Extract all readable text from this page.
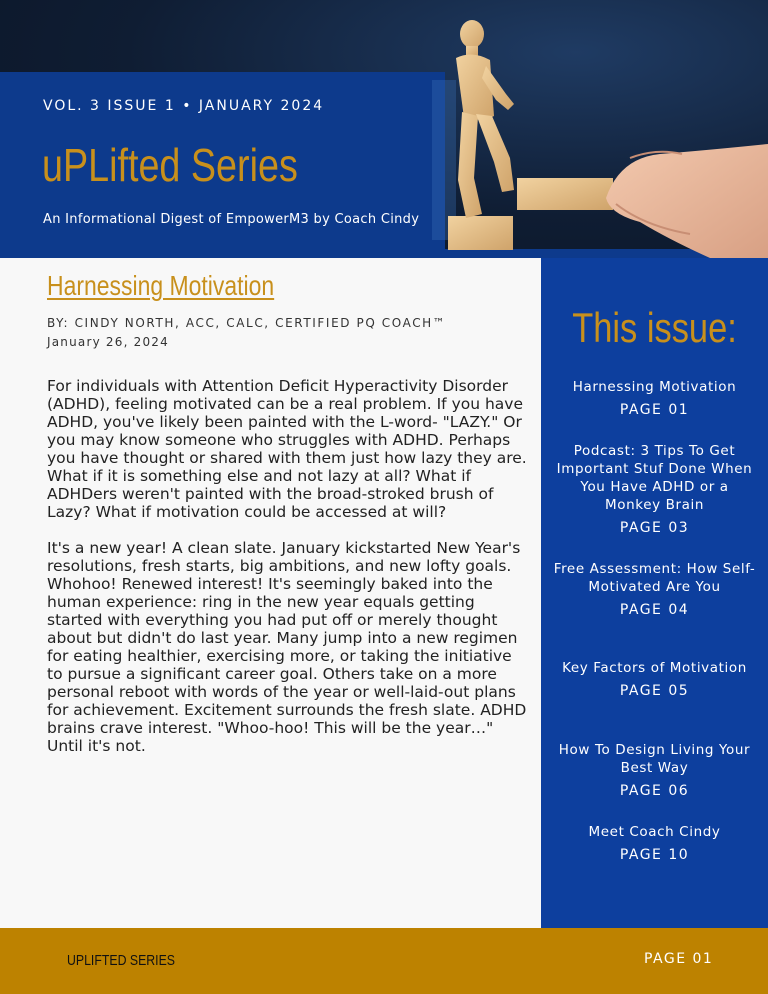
VOL. 3 ISSUE 1 • JANUARY 2024
uPLifted Series
An Informational Digest of EmpowerM3 by Coach Cindy
Harnessing Motivation
BY: CINDY NORTH, ACC, CALC, CERTIFIED PQ COACH™
January 26, 2024

For individuals with Attention Deficit Hyperactivity Disorder (ADHD), feeling motivated can be a real problem. If you have ADHD, you've likely been painted with the L-word- "LAZY." Or you may know someone who struggles with ADHD. Perhaps you have thought or shared with them just how lazy they are. What if it is something else and not lazy at all? What if ADHDers weren't painted with the broad-stroked brush of Lazy? What if motivation could be accessed at will?

It's a new year! A clean slate. January kickstarted New Year's resolutions, fresh starts, big ambitions, and new lofty goals. Whohoo! Renewed interest! It's seemingly baked into the human experience: ring in the new year equals getting started with everything you had put off or merely thought about but didn't do last year. Many jump into a new regimen for eating healthier, exercising more, or taking the initiative to pursue a significant career goal. Others take on a more personal reboot with words of the year or well-laid-out plans for achievement. Excitement surrounds the fresh slate. ADHD brains crave interest. "Whoo-hoo! This will be the year…" Until it's not.

This issue:
Harnessing Motivation
PAGE 01
Podcast: 3 Tips To Get Important Stuf Done When You Have ADHD or a Monkey Brain
PAGE 03
Free Assessment: How Self-Motivated Are You
PAGE 04
Key Factors of Motivation
PAGE 05
How To Design Living Your Best Way
PAGE 06
Meet Coach Cindy
PAGE 10
UPLIFTED SERIES	PAGE 01
